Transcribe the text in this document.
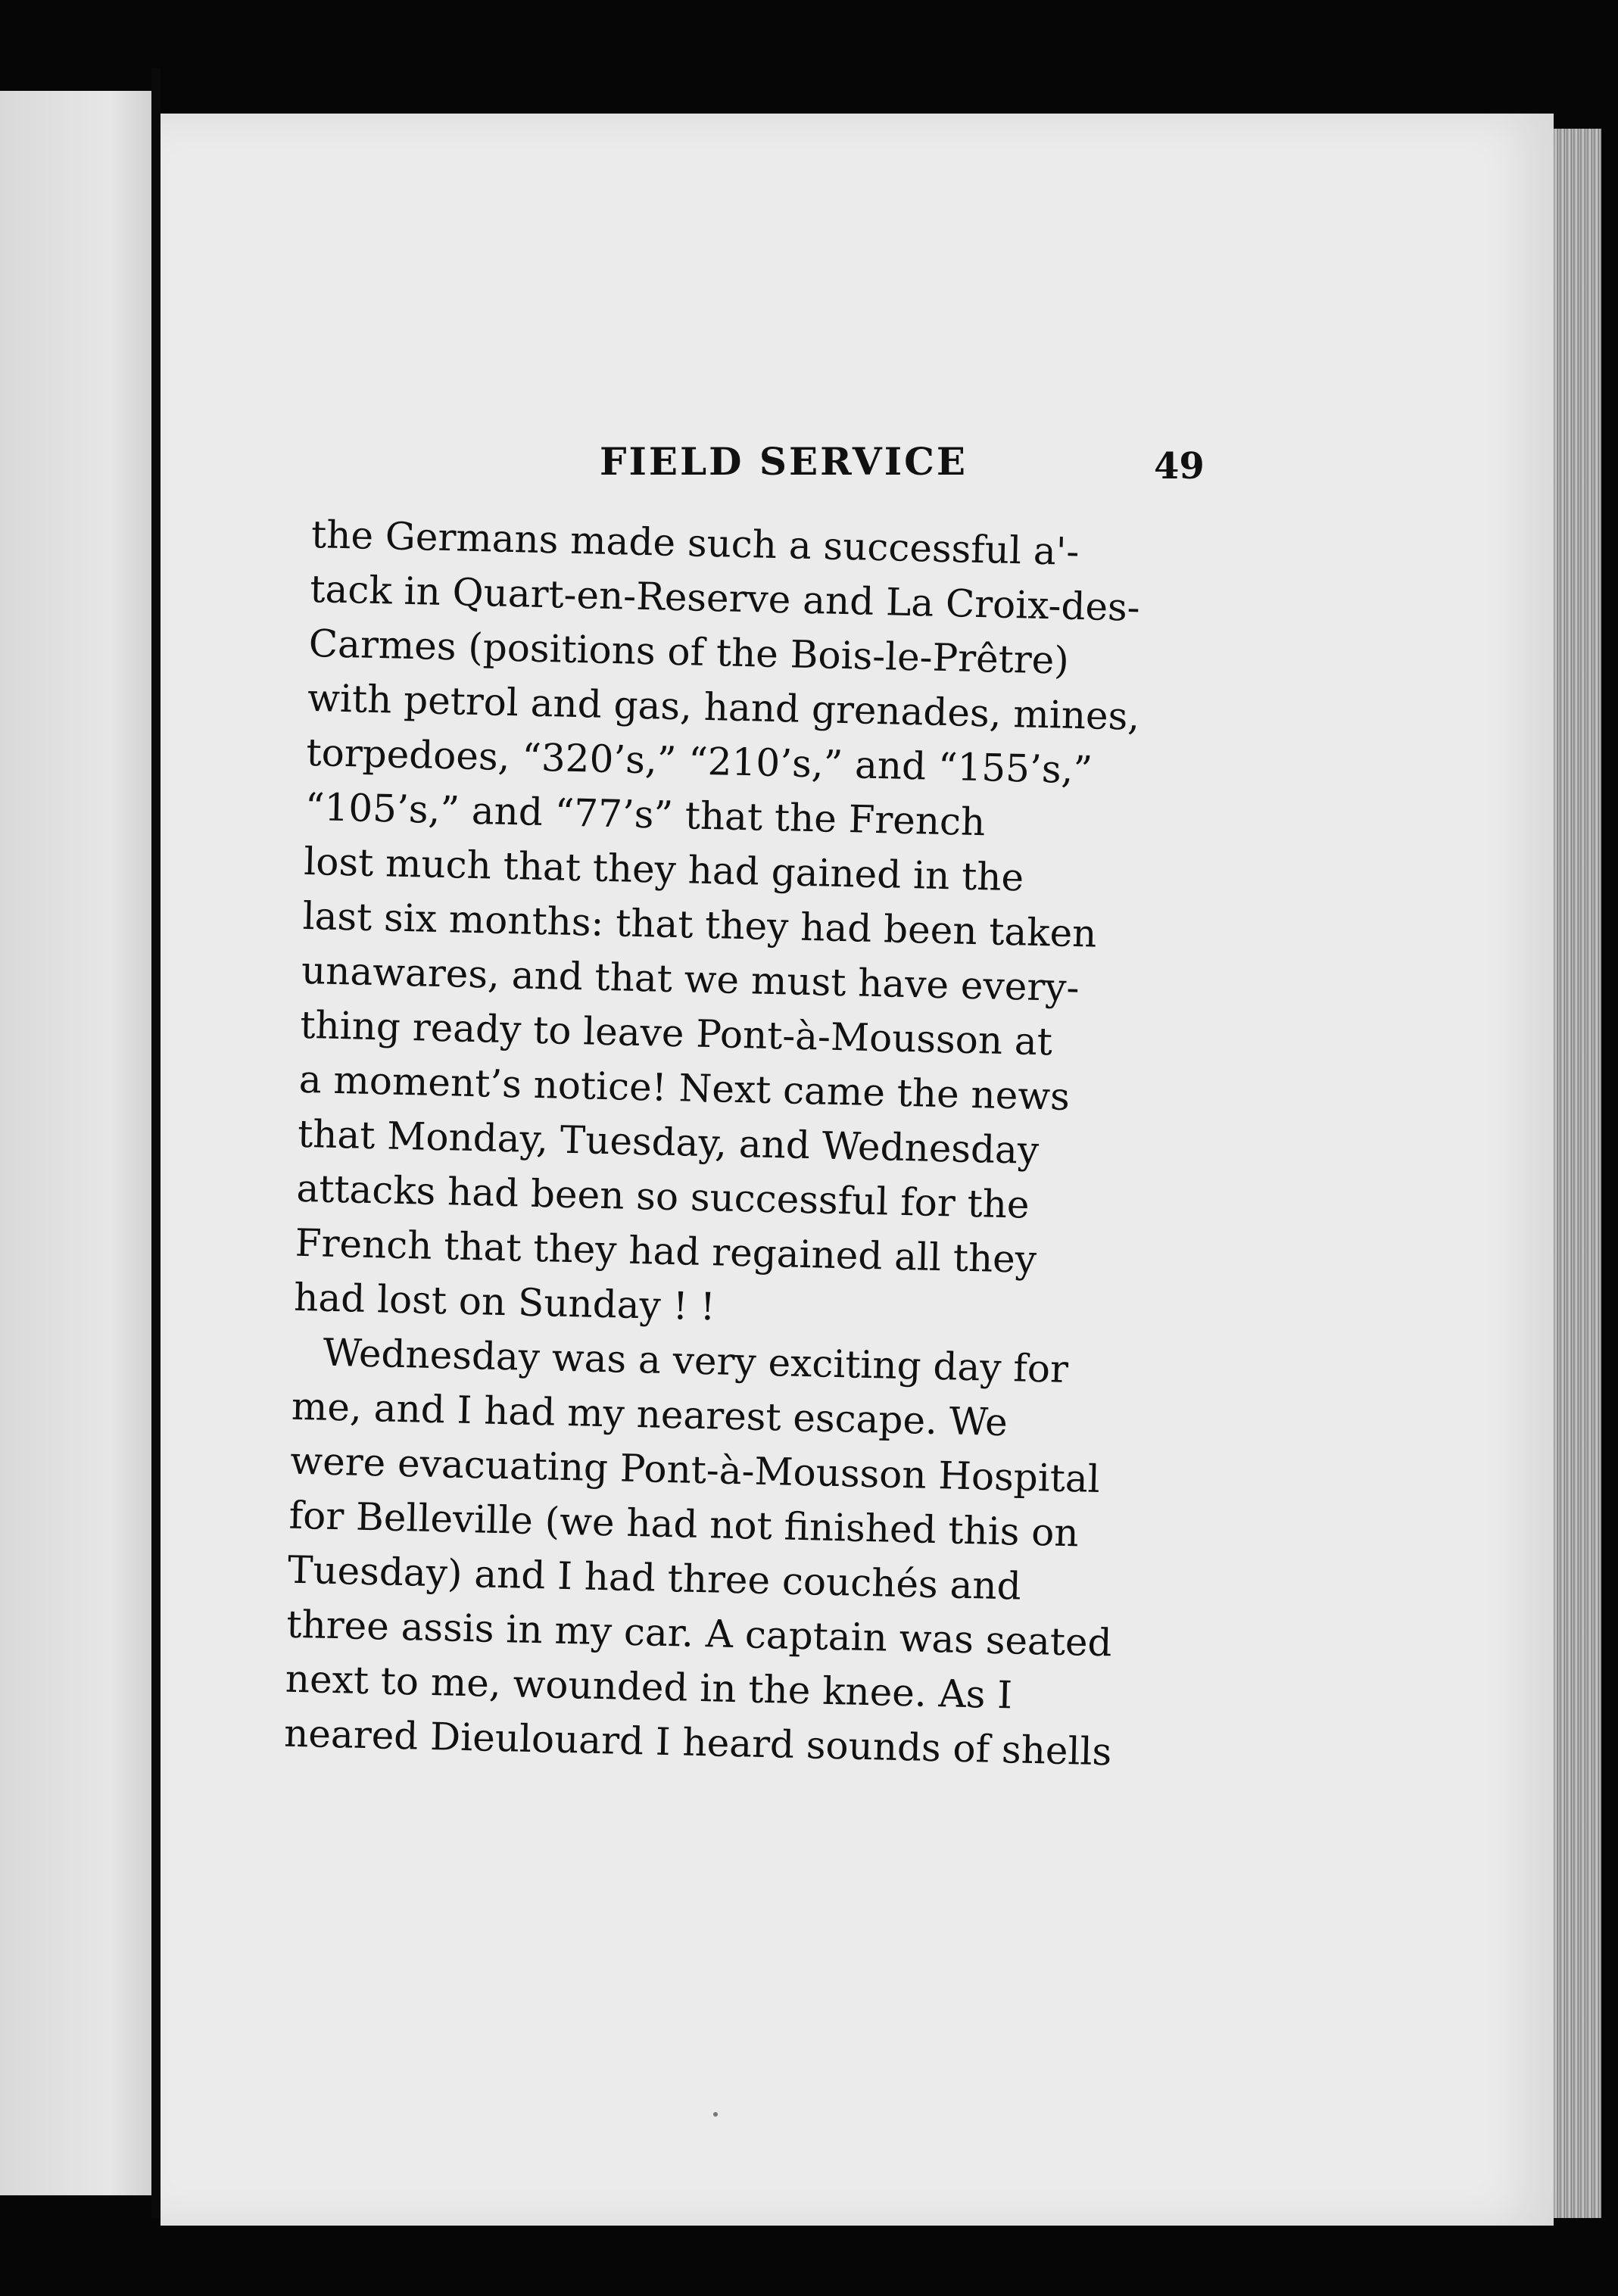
FIELD SERVICE	49
the Germans made such a successful a'-
tack in Quart-en-Reserve and La Croix-des-
Carmes (positions of the Bois-le-Prêtre)
with petrol and gas, hand grenades, mines,
torpedoes, “320’s,” “210’s,” and “155’s,”
“105’s,” and “77’s” that the French
lost much that they had gained in the
last six months: that they had been taken
unawares, and that we must have every-
thing ready to leave Pont-à-Mousson at
a moment’s notice! Next came the news
that Monday, Tuesday, and Wednesday
attacks had been so successful for the
French that they had regained all they
had lost on Sunday ! !
Wednesday was a very exciting day for
me, and I had my nearest escape. We
were evacuating Pont-à-Mousson Hospital
for Belleville (we had not finished this on
Tuesday) and I had three couchés and
three assis in my car. A captain was seated
next to me, wounded in the knee. As I
neared Dieulouard I heard sounds of shells
